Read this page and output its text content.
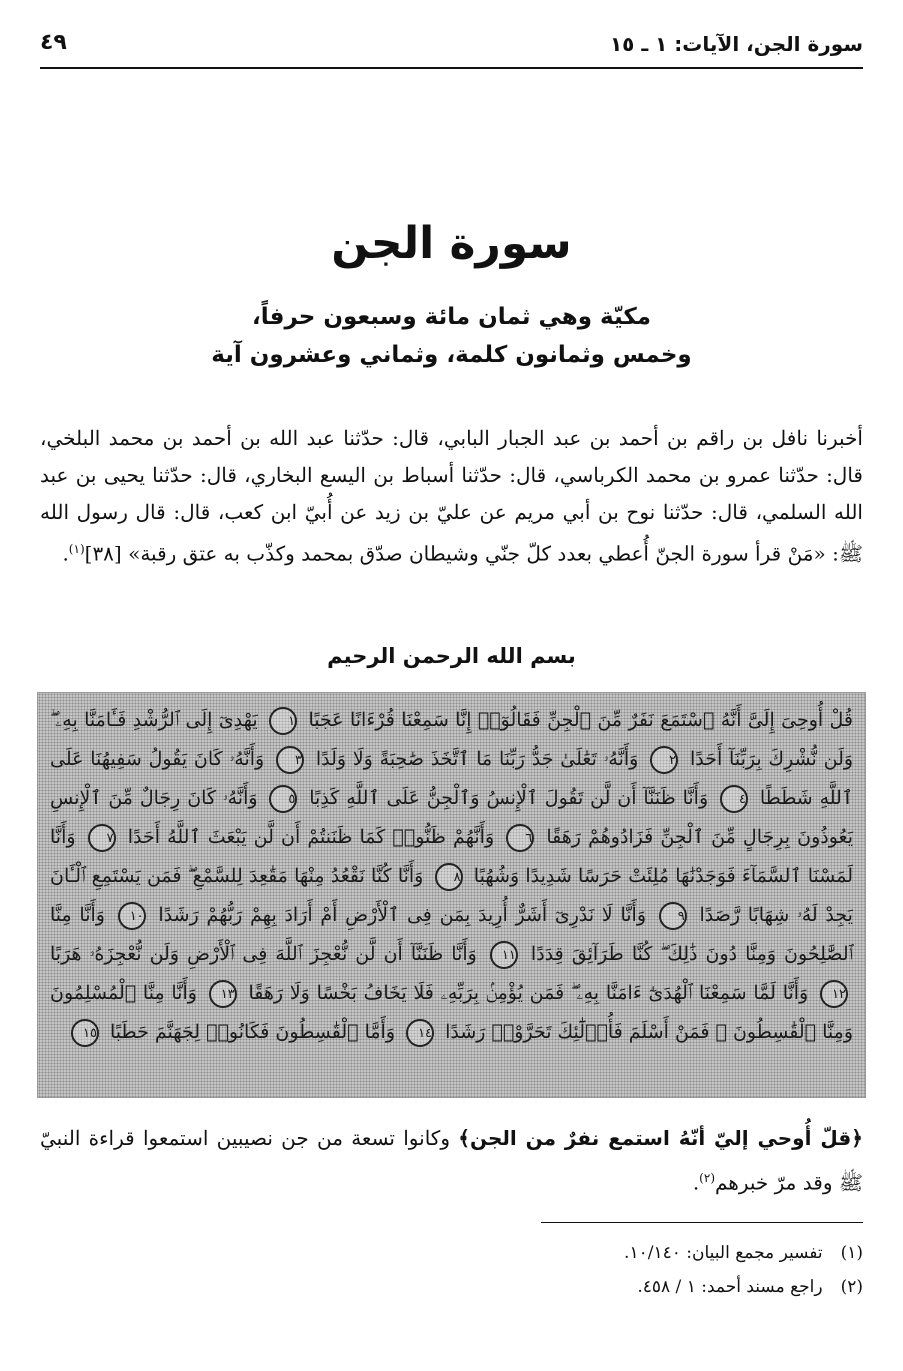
سورة الجن، الآيات: ١ ـ ١٥
٤٩
سورة الجن
مكيّة وهي ثمان مائة وسبعون حرفاً،
وخمس وثمانون كلمة، وثماني وعشرون آية

أخبرنا نافل بن راقم بن أحمد بن عبد الجبار البابي، قال: حدّثنا عبد الله بن أحمد بن محمد البلخي، قال: حدّثنا عمرو بن محمد الكرباسي، قال: حدّثنا أسباط بن اليسع البخاري، قال: حدّثنا يحيى بن عبد الله السلمي، قال: حدّثنا نوح بن أبي مريم عن عليّ بن زيد عن أُبيّ ابن كعب، قال: قال رسول الله ﷺ: «مَنْ قرأ سورة الجنّ أُعطي بعدد كلّ جنّي وشيطان صدّق بمحمد وكذّب به عتق رقبة» [٣٨]$^{(١)}$.

بسم الله الرحمن الرحيم
قُلْ أُوحِىَ إِلَىَّ أَنَّهُ ٱسْتَمَعَ نَفَرٌ مِّنَ ٱلْجِنِّ فَقَالُوٓا۟ إِنَّا سَمِعْنَا قُرْءَانًا عَجَبًا ١ يَهْدِىٓ إِلَى ٱلرُّشْدِ فَـَٔامَنَّا بِهِۦ ۖ وَلَن نُّشْرِكَ بِرَبِّنَآ أَحَدًا ٢ وَأَنَّهُۥ تَعَٰلَىٰ جَدُّ رَبِّنَا مَا ٱتَّخَذَ صَٰحِبَةً وَلَا وَلَدًا ٣ وَأَنَّهُۥ كَانَ يَقُولُ سَفِيهُنَا عَلَى ٱللَّهِ شَطَطًا ٤ وَأَنَّا ظَنَنَّآ أَن لَّن تَقُولَ ٱلْإِنسُ وَٱلْجِنُّ عَلَى ٱللَّهِ كَذِبًا ٥ وَأَنَّهُۥ كَانَ رِجَالٌ مِّنَ ٱلْإِنسِ يَعُوذُونَ بِرِجَالٍ مِّنَ ٱلْجِنِّ فَزَادُوهُمْ رَهَقًا ٦ وَأَنَّهُمْ ظَنُّوا۟ كَمَا ظَنَنتُمْ أَن لَّن يَبْعَثَ ٱللَّهُ أَحَدًا ٧ وَأَنَّا لَمَسْنَا ٱلسَّمَآءَ فَوَجَدْنَٰهَا مُلِئَتْ حَرَسًا شَدِيدًا وَشُهُبًا ٨ وَأَنَّا كُنَّا نَقْعُدُ مِنْهَا مَقَٰعِدَ لِلسَّمْعِ ۖ فَمَن يَسْتَمِعِ ٱلْـَٔانَ يَجِدْ لَهُۥ شِهَابًا رَّصَدًا ٩ وَأَنَّا لَا نَدْرِىٓ أَشَرٌّ أُرِيدَ بِمَن فِى ٱلْأَرْضِ أَمْ أَرَادَ بِهِمْ رَبُّهُمْ رَشَدًا ١٠ وَأَنَّا مِنَّا ٱلصَّٰلِحُونَ وَمِنَّا دُونَ ذَٰلِكَ ۖ كُنَّا طَرَآئِقَ قِدَدًا ١١ وَأَنَّا ظَنَنَّآ أَن لَّن نُّعْجِزَ ٱللَّهَ فِى ٱلْأَرْضِ وَلَن نُّعْجِزَهُۥ هَرَبًا ١٢ وَأَنَّا لَمَّا سَمِعْنَا ٱلْهُدَىٰٓ ءَامَنَّا بِهِۦ ۖ فَمَن يُؤْمِنۢ بِرَبِّهِۦ فَلَا يَخَافُ بَخْسًا وَلَا رَهَقًا ١٣ وَأَنَّا مِنَّا ٱلْمُسْلِمُونَ وَمِنَّا ٱلْقَٰسِطُونَ ۖ فَمَنْ أَسْلَمَ فَأُو۟لَٰٓئِكَ تَحَرَّوْا۟ رَشَدًا ١٤ وَأَمَّا ٱلْقَٰسِطُونَ فَكَانُوا۟ لِجَهَنَّمَ حَطَبًا ١٥

﴿قلّ أُوحي إليّ أنّهُ استمع نفرٌ من الجن﴾ وكانوا تسعة من جن نصيبين استمعوا قراءة النبيّ ﷺ وقد مرّ خبرهم$^{(٢)}$.

(١)تفسير مجمع البيان: ١٠/١٤٠.
(٢)راجع مسند أحمد: ١ / ٤٥٨.
